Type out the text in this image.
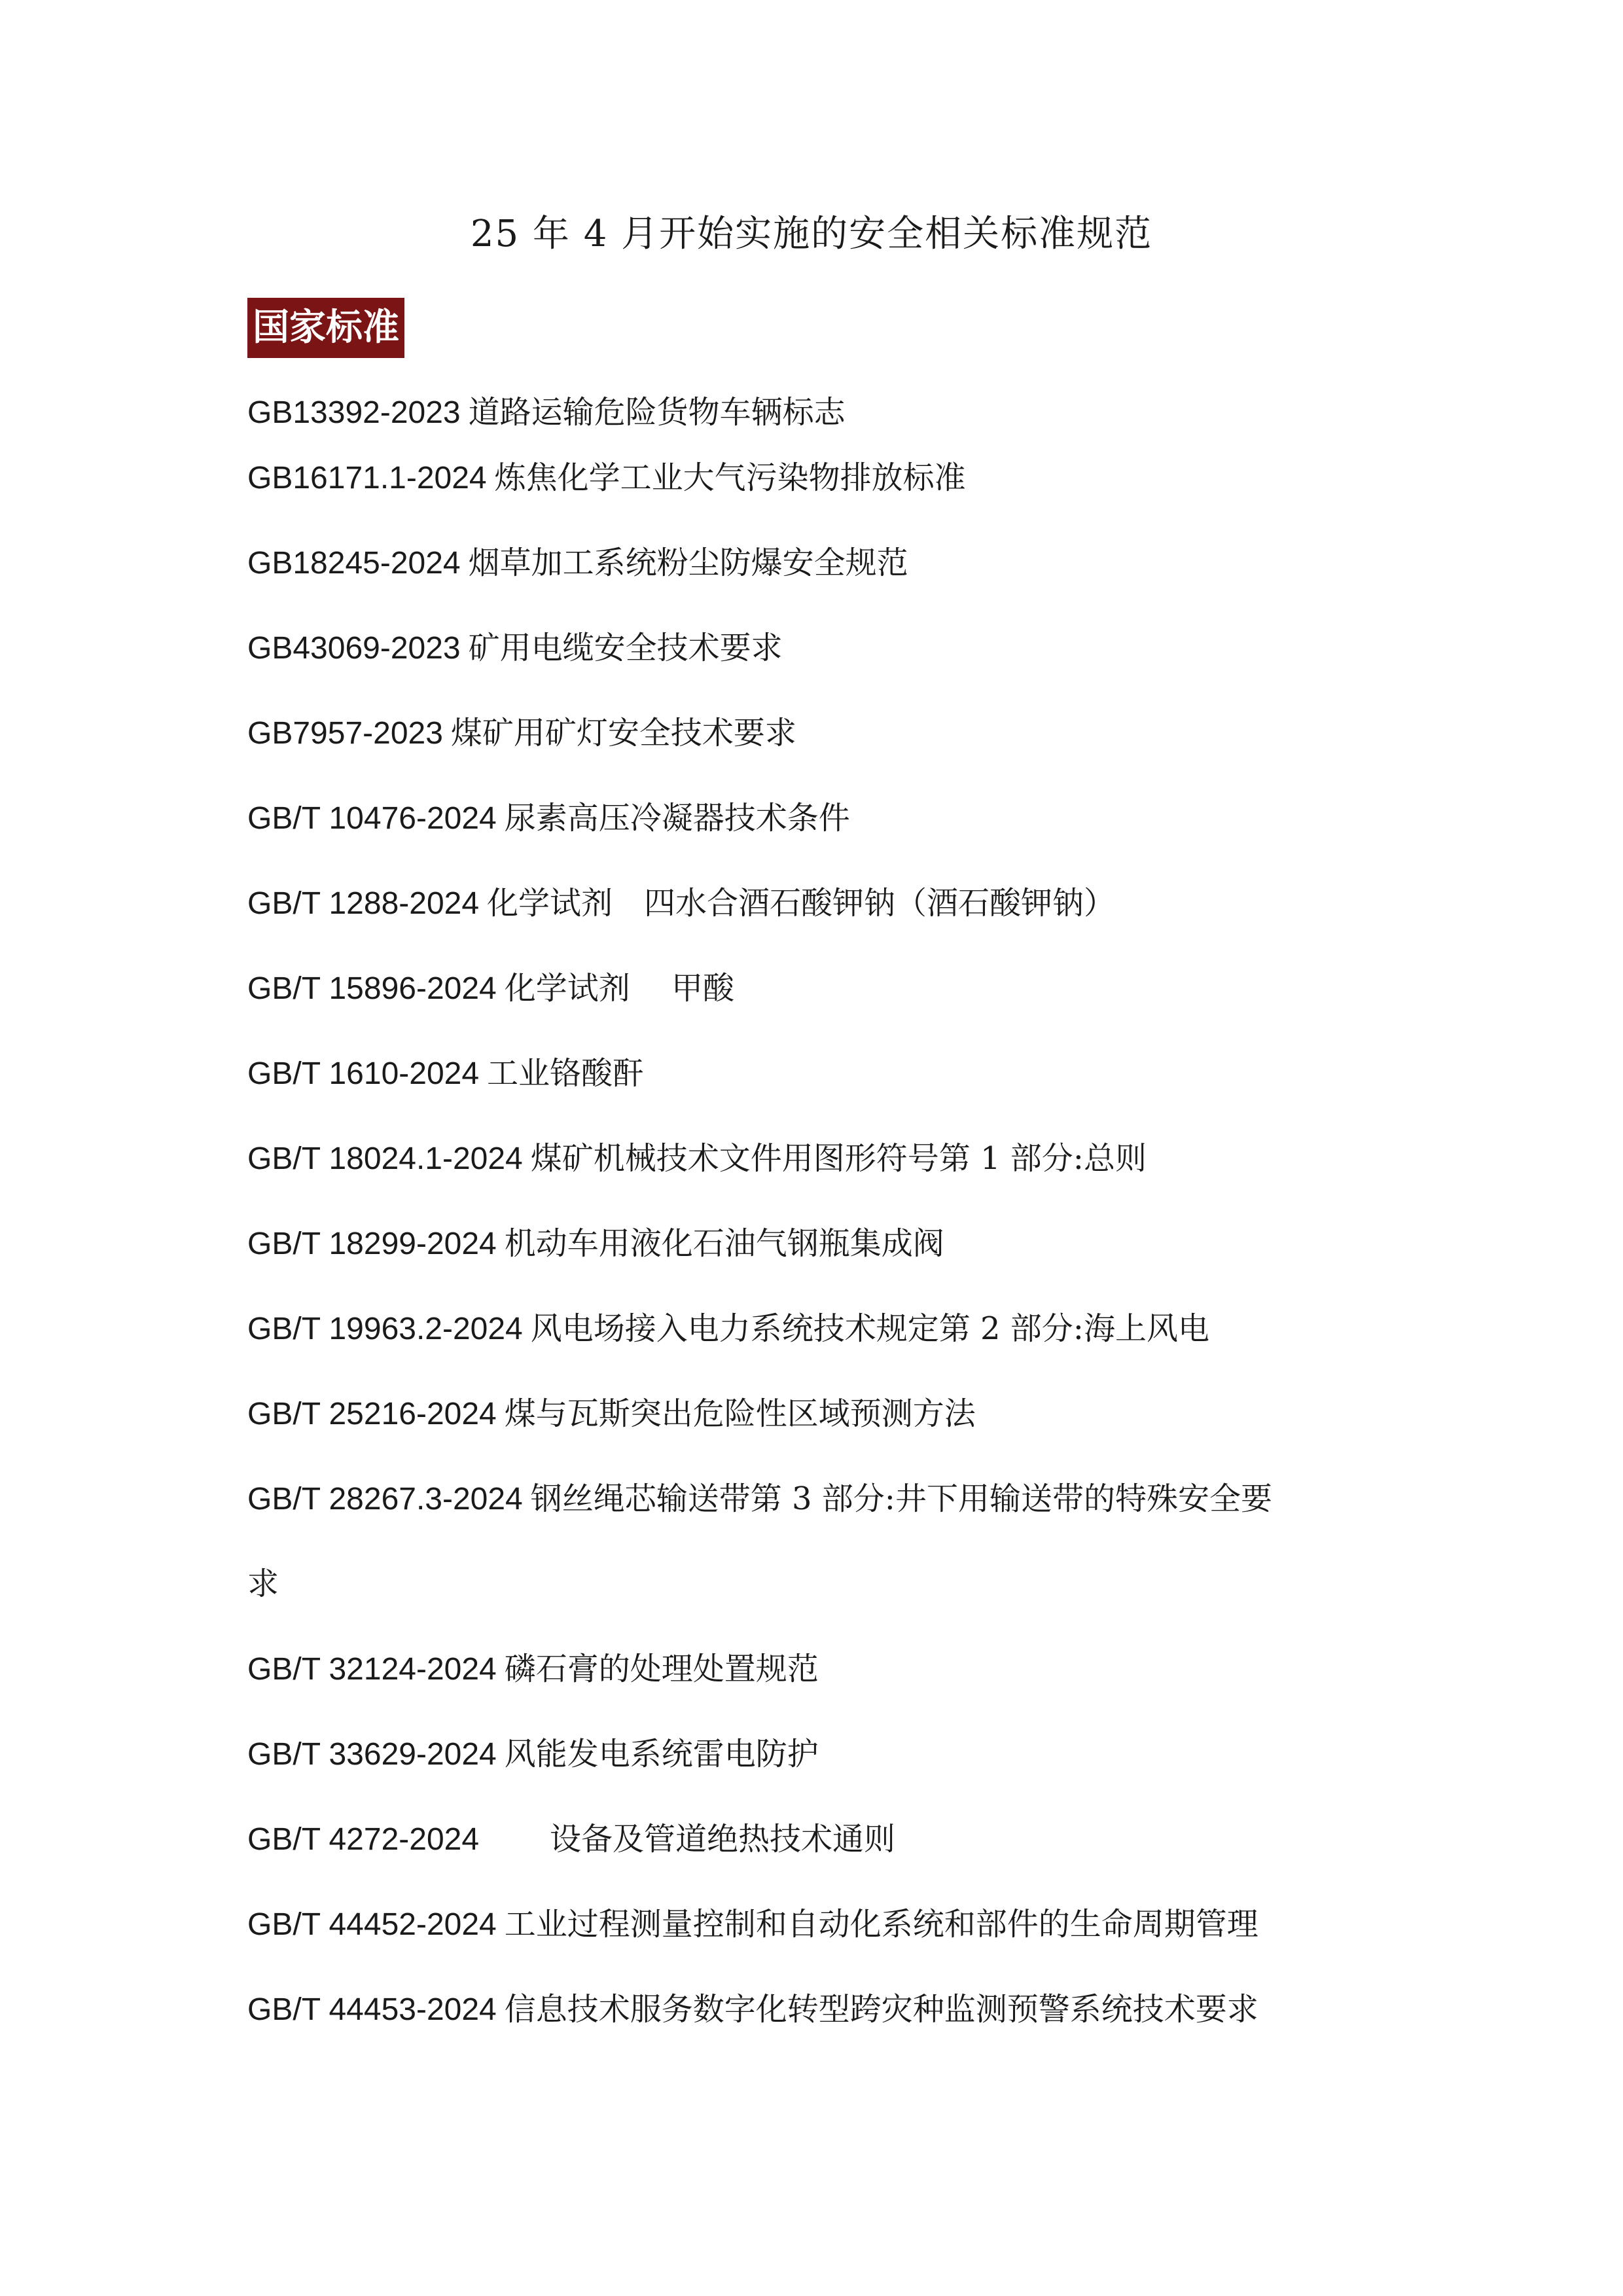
25 年 4 月开始实施的安全相关标准规范
国家标准
GB13392-2023 道路运输危险货物车辆标志
GB16171.1-2024 炼焦化学工业大气污染物排放标准
GB18245-2024 烟草加工系统粉尘防爆安全规范
GB43069-2023 矿用电缆安全技术要求
GB7957-2023 煤矿用矿灯安全技术要求
GB/T 10476-2024 尿素高压冷凝器技术条件
GB/T 1288-2024 化学试剂　四水合酒石酸钾钠（酒石酸钾钠）
GB/T 15896-2024 化学试剂　 甲酸
GB/T 1610-2024 工业铬酸酐
GB/T 18024.1-2024 煤矿机械技术文件用图形符号第 1 部分:总则
GB/T 18299-2024 机动车用液化石油气钢瓶集成阀
GB/T 19963.2-2024 风电场接入电力系统技术规定第 2 部分:海上风电
GB/T 25216-2024 煤与瓦斯突出危险性区域预测方法
GB/T 28267.3-2024 钢丝绳芯输送带第 3 部分:井下用输送带的特殊安全要
求
GB/T 32124-2024 磷石膏的处理处置规范
GB/T 33629-2024 风能发电系统雷电防护
GB/T 4272-2024　　设备及管道绝热技术通则
GB/T 44452-2024 工业过程测量控制和自动化系统和部件的生命周期管理
GB/T 44453-2024 信息技术服务数字化转型跨灾种监测预警系统技术要求
